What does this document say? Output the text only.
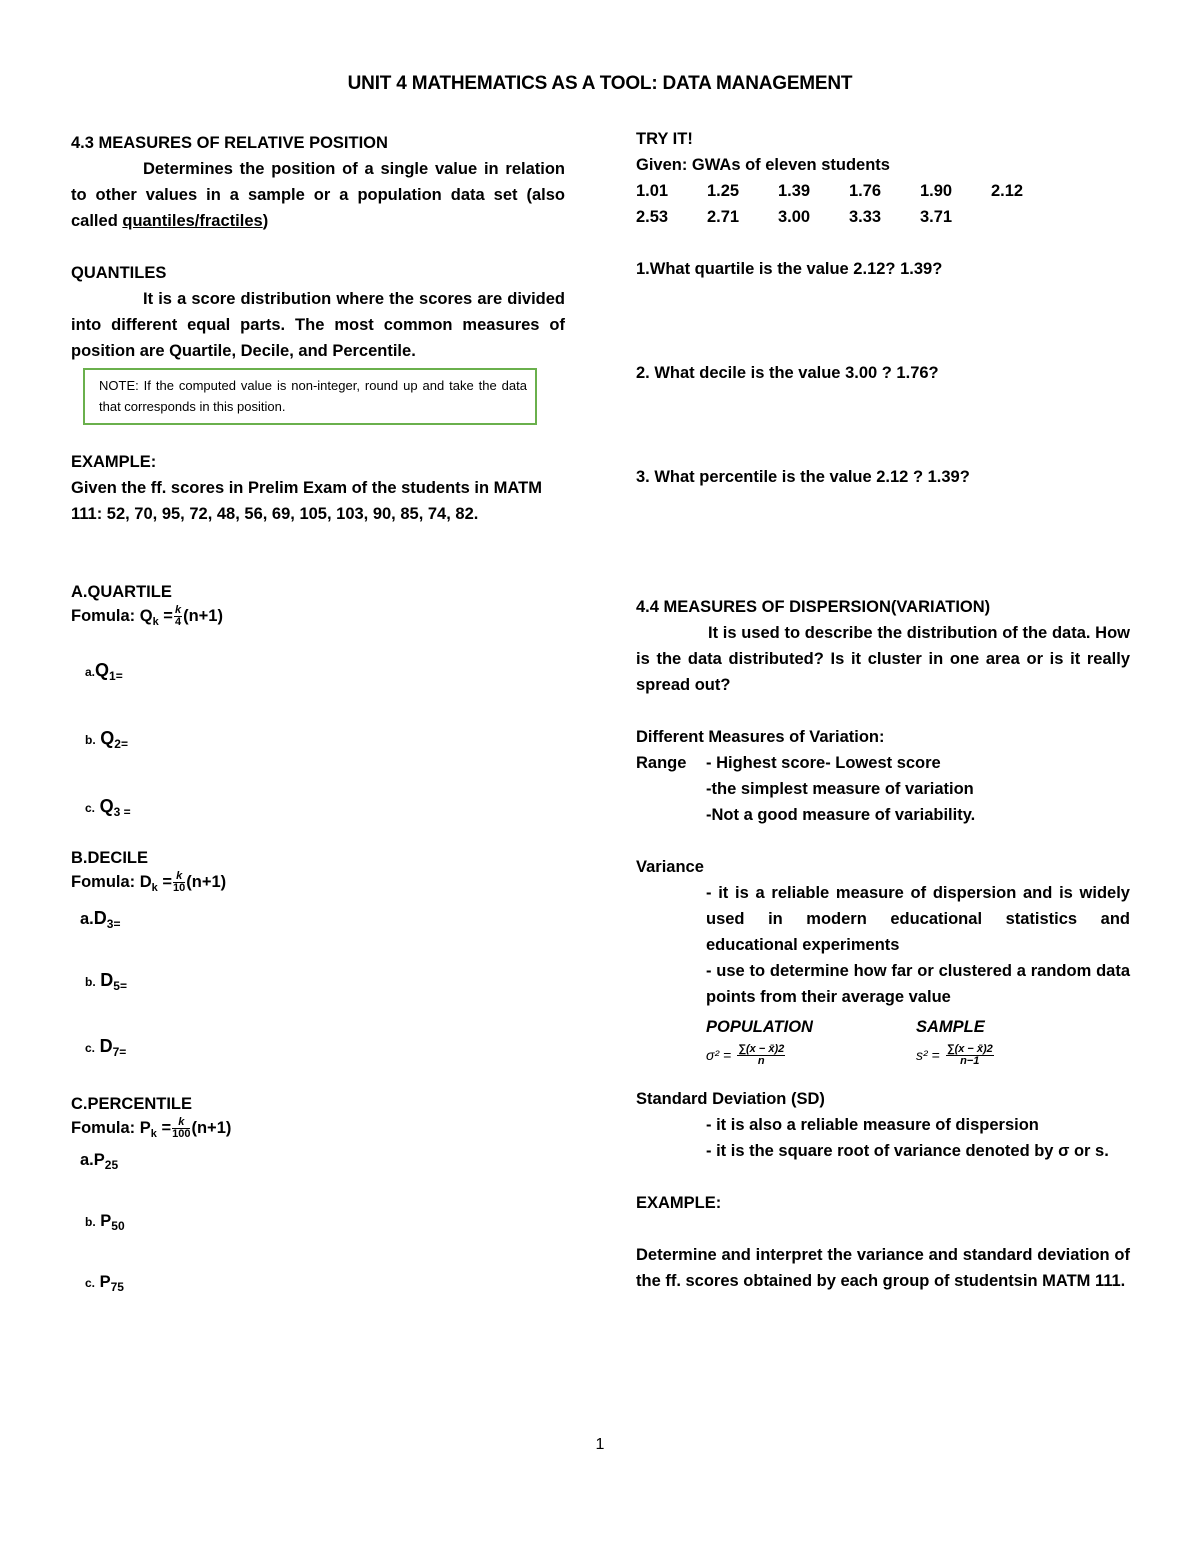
UNIT 4 MATHEMATICS AS A TOOL: DATA MANAGEMENT
4.3 MEASURES OF RELATIVE POSITION
Determines the position of a single value in relation to other values in a sample or a population data set (also called quantiles/fractiles)
QUANTILES
It is a score distribution where the scores are divided into different equal parts. The most common measures of position are Quartile, Decile, and Percentile.
NOTE: If the computed value is non-integer, round up and take the data that corresponds in this position.
EXAMPLE:
Given the ff. scores in Prelim Exam of the students in MATM 111: 52, 70, 95, 72, 48, 56, 69, 105, 103, 90, 85, 74, 82.
A.QUARTILE
Fomula: $Q_k = \frac{k}{4} (n+1)$
$a.Q_{1=}$
b. $Q_{2=}$
c. $Q_3$ $_=$
B.DECILE
Fomula: $D_k = \frac{k}{10} (n+1)$
$a.D_{3=}$
b. $D_{5=}$
c. $D_{7=}$
C.PERCENTILE
Fomula: $P_k = \frac{k}{100} (n+1)$
$a.P_{25}$
b. $P_{50}$
c. $P_{75}$
TRY IT!
Given: GWAs of eleven students
1.01	1.25	1.39	1.76	1.90	2.12
2.53	2.71	3.00	3.33	3.71
1.What quartile is the value 2.12? 1.39?
2. What decile is the value 3.00 ? 1.76?
3. What percentile is the value 2.12 ? 1.39?
4.4 MEASURES OF DISPERSION(VARIATION)
It is used to describe the distribution of the data. How is the data distributed? Is it cluster in one area or is it really spread out?
Different Measures of Variation:
Range	- Highest score- Lowest score
-the simplest measure of variation
-Not a good measure of variability.
Variance
- it is a reliable measure of dispersion and is widely used in modern educational statistics and educational experiments
- use to determine how far or clustered a random data points from their average value
POPULATION
$\sigma^2 = \frac{\sum(x - x̄)2}{n}$
SAMPLE
$s^2 = \frac{\sum(x - x̄)2}{n-1}$
Standard Deviation (SD)
- it is also a reliable measure of dispersion
- it is the square root of variance denoted by σ or s.
EXAMPLE:
Determine and interpret the variance and standard deviation of the ff. scores obtained by each group of studentsin MATM 111.
1
